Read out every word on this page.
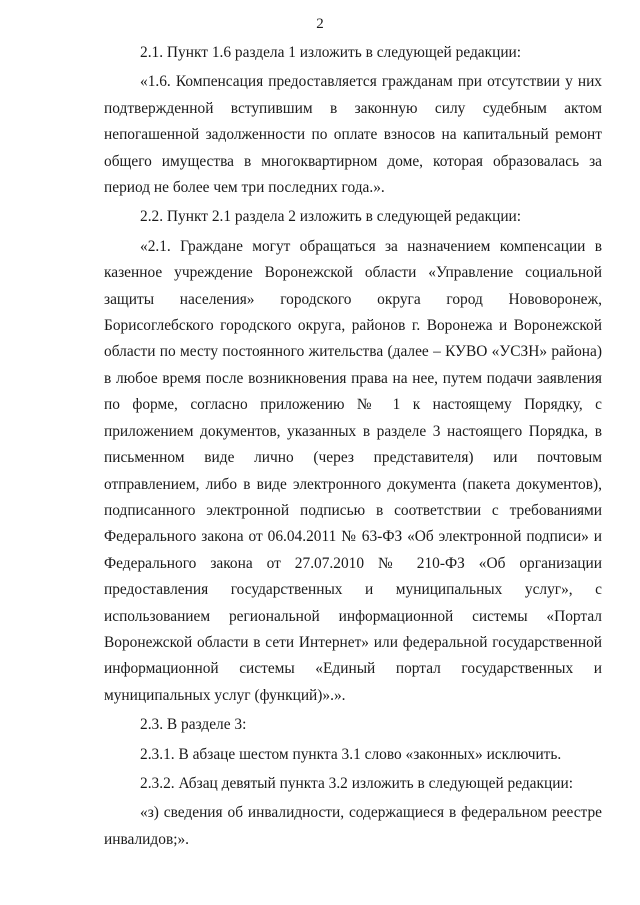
2

2.1. Пункт 1.6 раздела 1 изложить в следующей редакции:

«1.6. Компенсация предоставляется гражданам при отсутствии у них подтвержденной вступившим в законную силу судебным актом непогашенной задолженности по оплате взносов на капитальный ремонт общего имущества в многоквартирном доме, которая образовалась за период не более чем три последних года.».

2.2. Пункт 2.1 раздела 2 изложить в следующей редакции:

«2.1. Граждане могут обращаться за назначением компенсации в казенное учреждение Воронежской области «Управление социальной защиты населения» городского округа город Нововоронеж, Борисоглебского городского округа, районов г. Воронежа и Воронежской области по месту постоянного жительства (далее – КУВО «УСЗН» района) в любое время после возникновения права на нее, путем подачи заявления по форме, согласно приложению № 1 к настоящему Порядку, с приложением документов, указанных в разделе 3 настоящего Порядка, в письменном виде лично (через представителя) или почтовым отправлением, либо в виде электронного документа (пакета документов), подписанного электронной подписью в соответствии с требованиями Федерального закона от 06.04.2011 № 63-ФЗ «Об электронной подписи» и Федерального закона от 27.07.2010 № 210-ФЗ «Об организации предоставления государственных и муниципальных услуг», с использованием региональной информационной системы «Портал Воронежской области в сети Интернет» или федеральной государственной информационной системы «Единый портал государственных и муниципальных услуг (функций)».».

2.3. В разделе 3:

2.3.1. В абзаце шестом пункта 3.1 слово «законных» исключить.

2.3.2. Абзац девятый пункта 3.2 изложить в следующей редакции:

«з) сведения об инвалидности, содержащиеся в федеральном реестре инвалидов;».
